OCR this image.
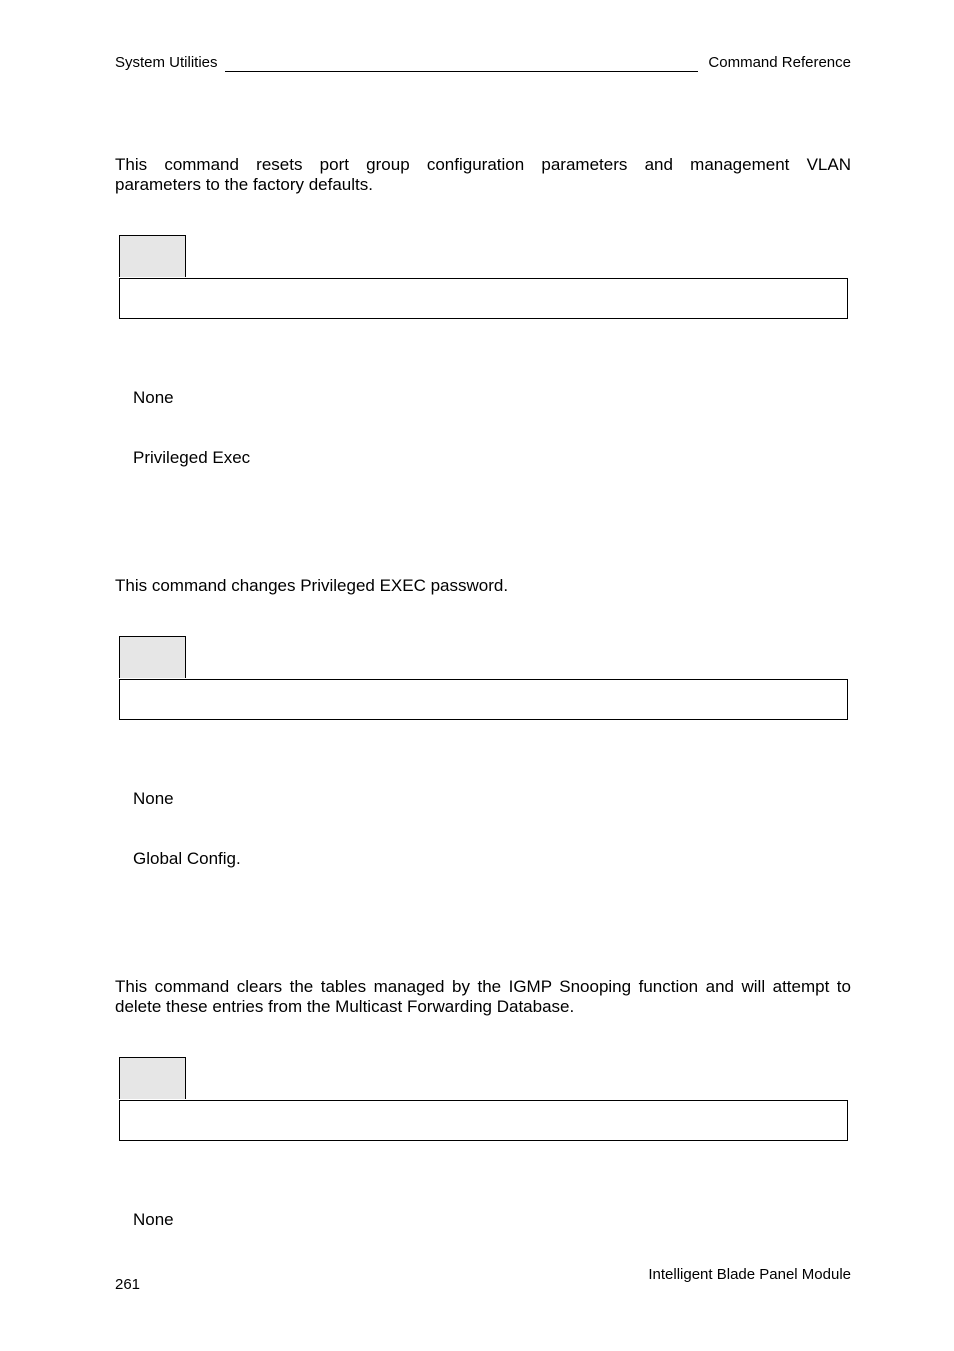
System Utilities	Command Reference

This command resets port group configuration parameters and management VLAN

parameters to the factory defaults.

None
Privileged Exec

This command changes Privileged EXEC password.

None
Global Config.

This command clears the tables managed by the IGMP Snooping function and will attempt to

delete these entries from the Multicast Forwarding Database.

None
261
Intelligent Blade Panel Module
